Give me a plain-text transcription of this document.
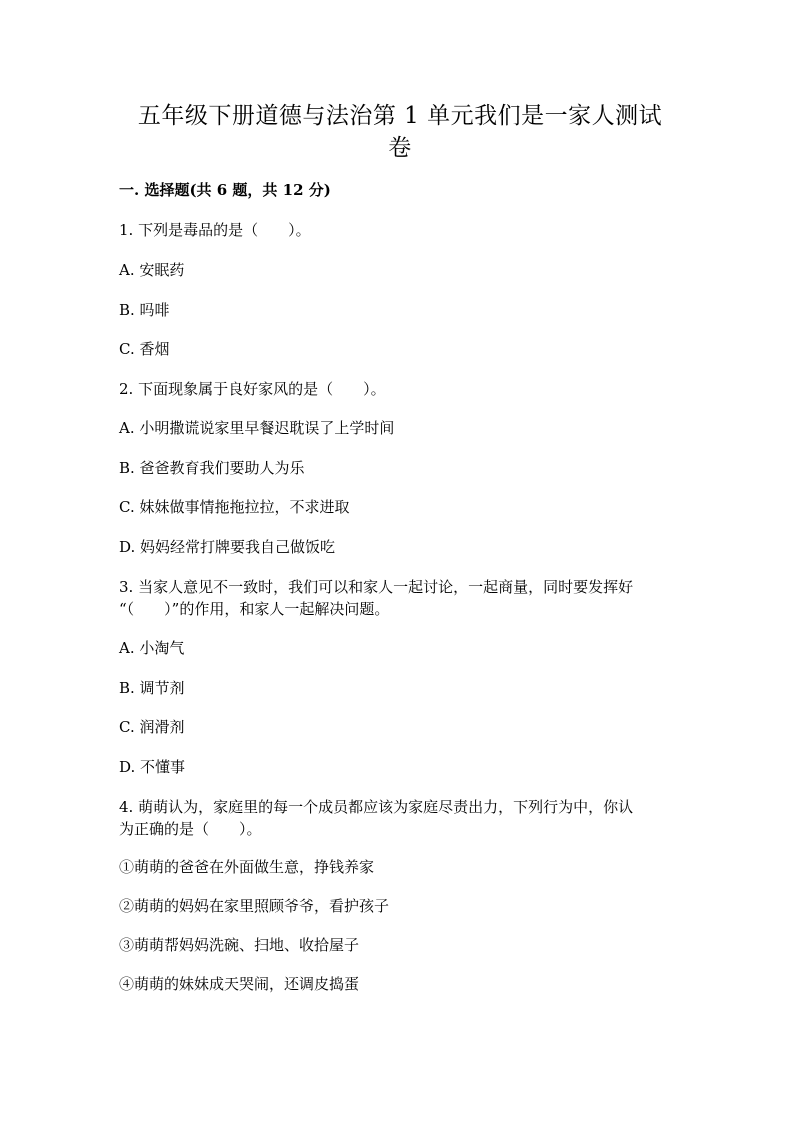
五年级下册道德与法治第 1 单元我们是一家人测试
卷
一. 选择题(共 6 题，共 12 分)
1. 下列是毒品的是（　　）。
A. 安眠药
B. 吗啡
C. 香烟
2. 下面现象属于良好家风的是（　　）。
A. 小明撒谎说家里早餐迟耽误了上学时间
B. 爸爸教育我们要助人为乐
C. 妹妹做事情拖拖拉拉，不求进取
D. 妈妈经常打牌要我自己做饭吃
3. 当家人意见不一致时，我们可以和家人一起讨论，一起商量，同时要发挥好
“（　　）”的作用，和家人一起解决问题。
A. 小淘气
B. 调节剂
C. 润滑剂
D. 不懂事
4. 萌萌认为，家庭里的每一个成员都应该为家庭尽责出力，下列行为中，你认
为正确的是（　　）。
①萌萌的爸爸在外面做生意，挣钱养家
②萌萌的妈妈在家里照顾爷爷，看护孩子
③萌萌帮妈妈洗碗、扫地、收拾屋子
④萌萌的妹妹成天哭闹，还调皮捣蛋
